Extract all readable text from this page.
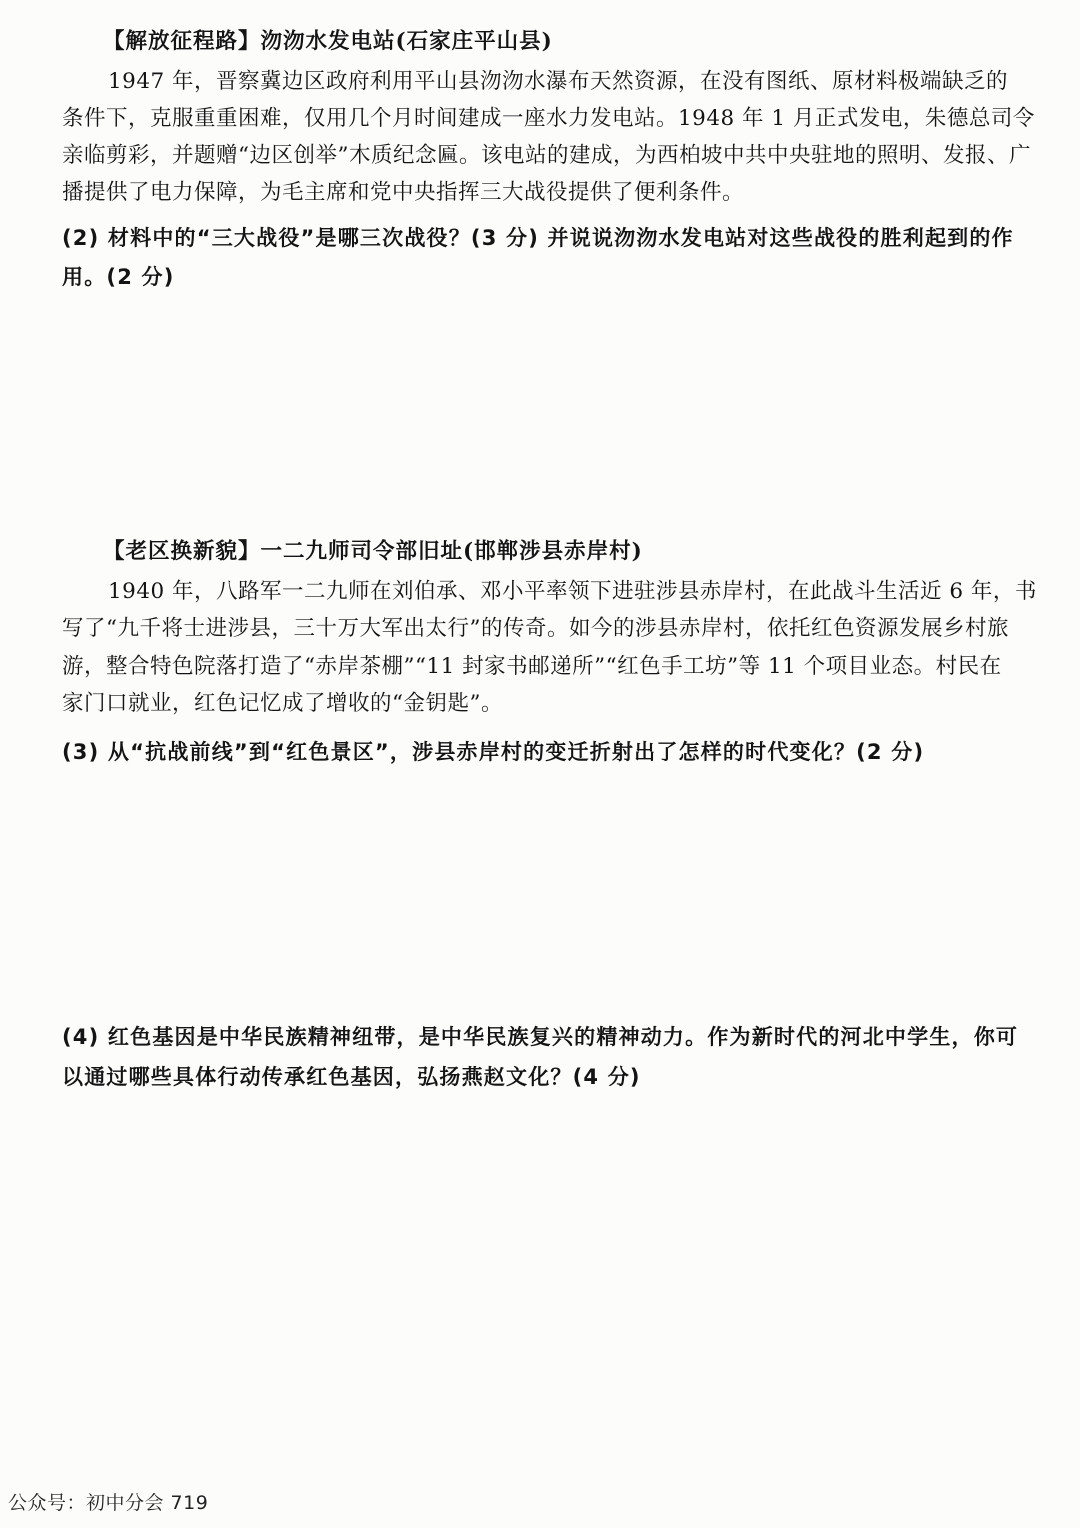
【解放征程路】沕沕水发电站(石家庄平山县)
1947 年，晋察冀边区政府利用平山县沕沕水瀑布天然资源，在没有图纸、原材料极端缺乏的
条件下，克服重重困难，仅用几个月时间建成一座水力发电站。1948 年 1 月正式发电，朱德总司令
亲临剪彩，并题赠“边区创举”木质纪念匾。该电站的建成，为西柏坡中共中央驻地的照明、发报、广
播提供了电力保障，为毛主席和党中央指挥三大战役提供了便利条件。
(2) 材料中的“三大战役”是哪三次战役？(3 分) 并说说沕沕水发电站对这些战役的胜利起到的作
用。(2 分)
【老区换新貌】一二九师司令部旧址(邯郸涉县赤岸村)
1940 年，八路军一二九师在刘伯承、邓小平率领下进驻涉县赤岸村，在此战斗生活近 6 年，书
写了“九千将士进涉县，三十万大军出太行”的传奇。如今的涉县赤岸村，依托红色资源发展乡村旅
游，整合特色院落打造了“赤岸茶棚”“11 封家书邮递所”“红色手工坊”等 11 个项目业态。村民在
家门口就业，红色记忆成了增收的“金钥匙”。
(3) 从“抗战前线”到“红色景区”，涉县赤岸村的变迁折射出了怎样的时代变化？(2 分)
(4) 红色基因是中华民族精神纽带，是中华民族复兴的精神动力。作为新时代的河北中学生，你可
以通过哪些具体行动传承红色基因，弘扬燕赵文化？(4 分)
公众号：初中分会 719
